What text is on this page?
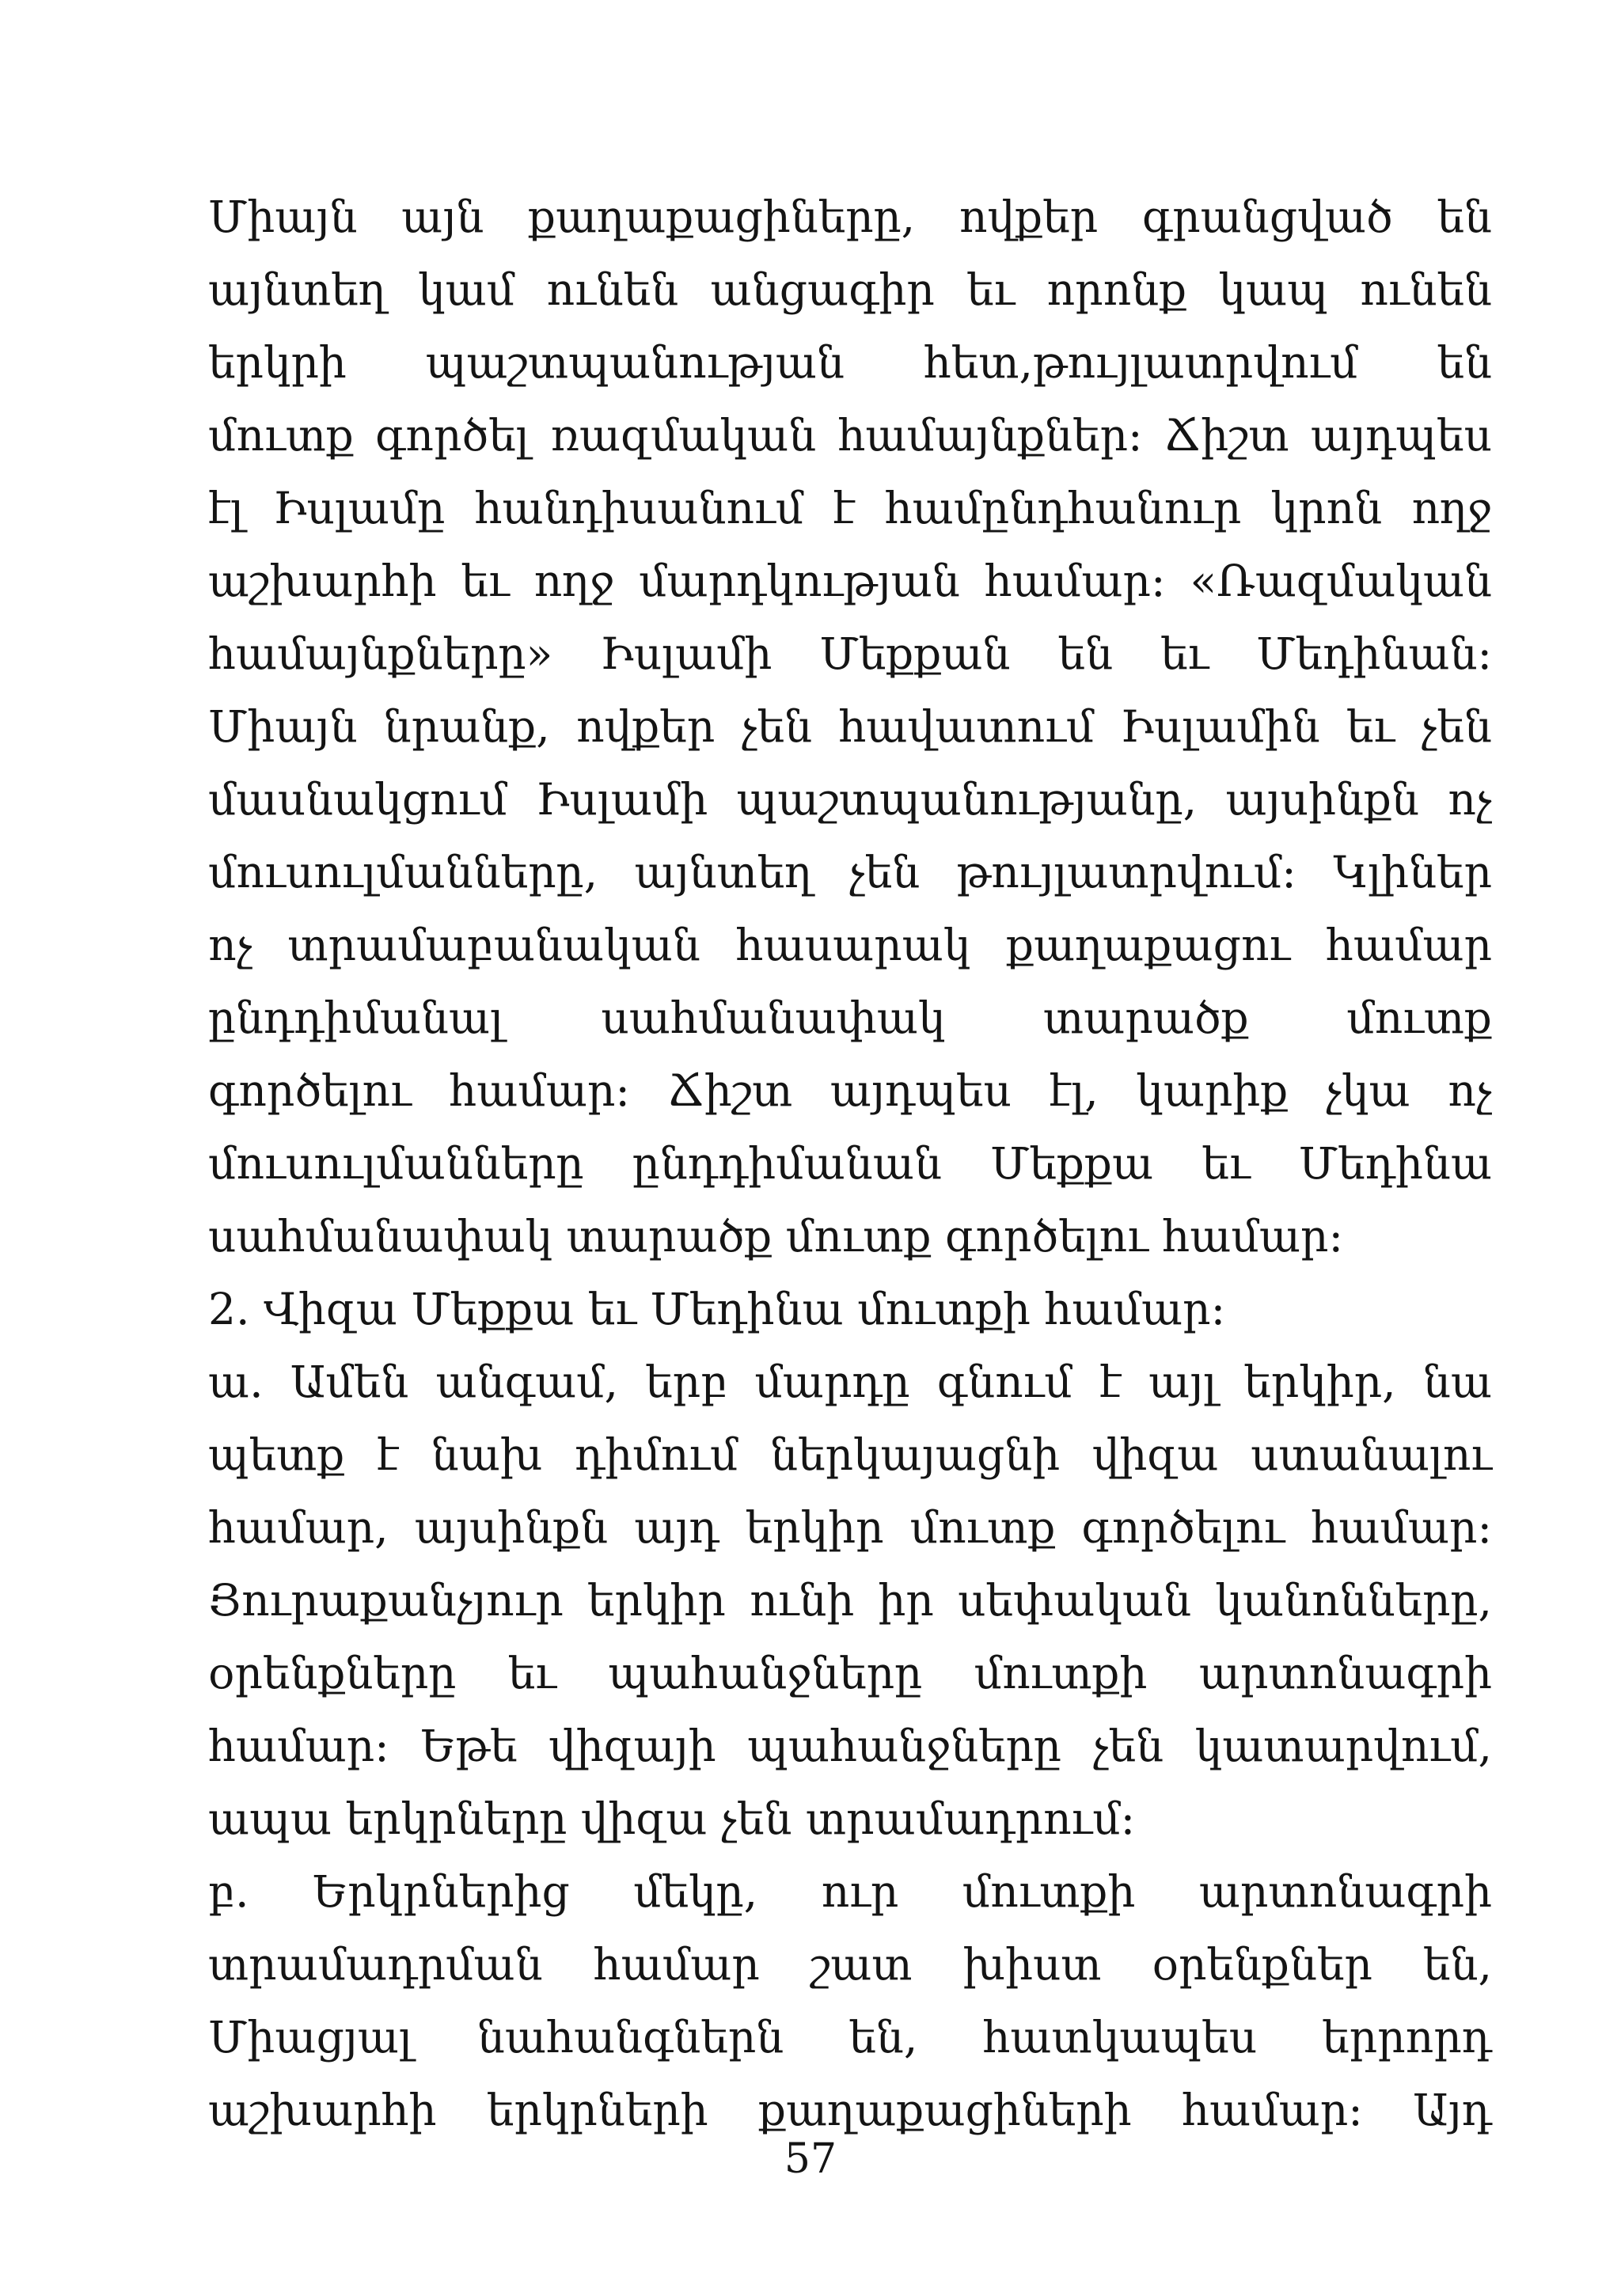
Միայն այն քաղաքացիները, ովքեր գրանցված են
այնտեղ կամ ունեն անցագիր եւ որոնք կապ ունեն
երկրի պաշտպանության հետ,թույլատրվում են
մուտք գործել ռազմական համայնքներ: Ճիշտ այդպես
էլ Իսլամը հանդիսանում է համընդհանուր կրոն ողջ
աշխարհի եւ ողջ մարդկության համար: «Ռազմական
համայնքները» Իսլամի Մեքքան են եւ Մեդինան:
Միայն նրանք, ովքեր չեն հավատում Իսլամին եւ չեն
մասնակցում Իսլամի պաշտպանությանը, այսինքն ոչ
մուսուլմանները, այնտեղ չեն թույլատրվում: Կլիներ
ոչ տրամաբանական հասարակ քաղաքացու համար
ընդդիմանալ սահմանափակ տարածք մուտք
գործելու համար: Ճիշտ այդպես էլ, կարիք չկա ոչ
մուսուլմանները ընդդիմանան Մեքքա եւ Մեդինա
սահմանափակ տարածք մուտք գործելու համար:
2. Վիզա Մեքքա եւ Մեդինա մուտքի համար:
ա. Ամեն անգամ, երբ մարդը գնում է այլ երկիր, նա
պետք է նախ դիմում ներկայացնի վիզա ստանալու
համար, այսինքն այդ երկիր մուտք գործելու համար:
Յուրաքանչյուր երկիր ունի իր սեփական կանոնները,
օրենքները եւ պահանջները մուտքի արտոնագրի
համար: Եթե վիզայի պահանջները չեն կատարվում,
ապա երկրները վիզա չեն տրամադրում:
բ. Երկրներից մեկը, ուր մուտքի արտոնագրի
տրամադրման համար շատ խիստ օրենքներ են,
Միացյալ նահանգներն են, հատկապես երրորդ
աշխարհի երկրների քաղաքացիների համար: Այդ
57
